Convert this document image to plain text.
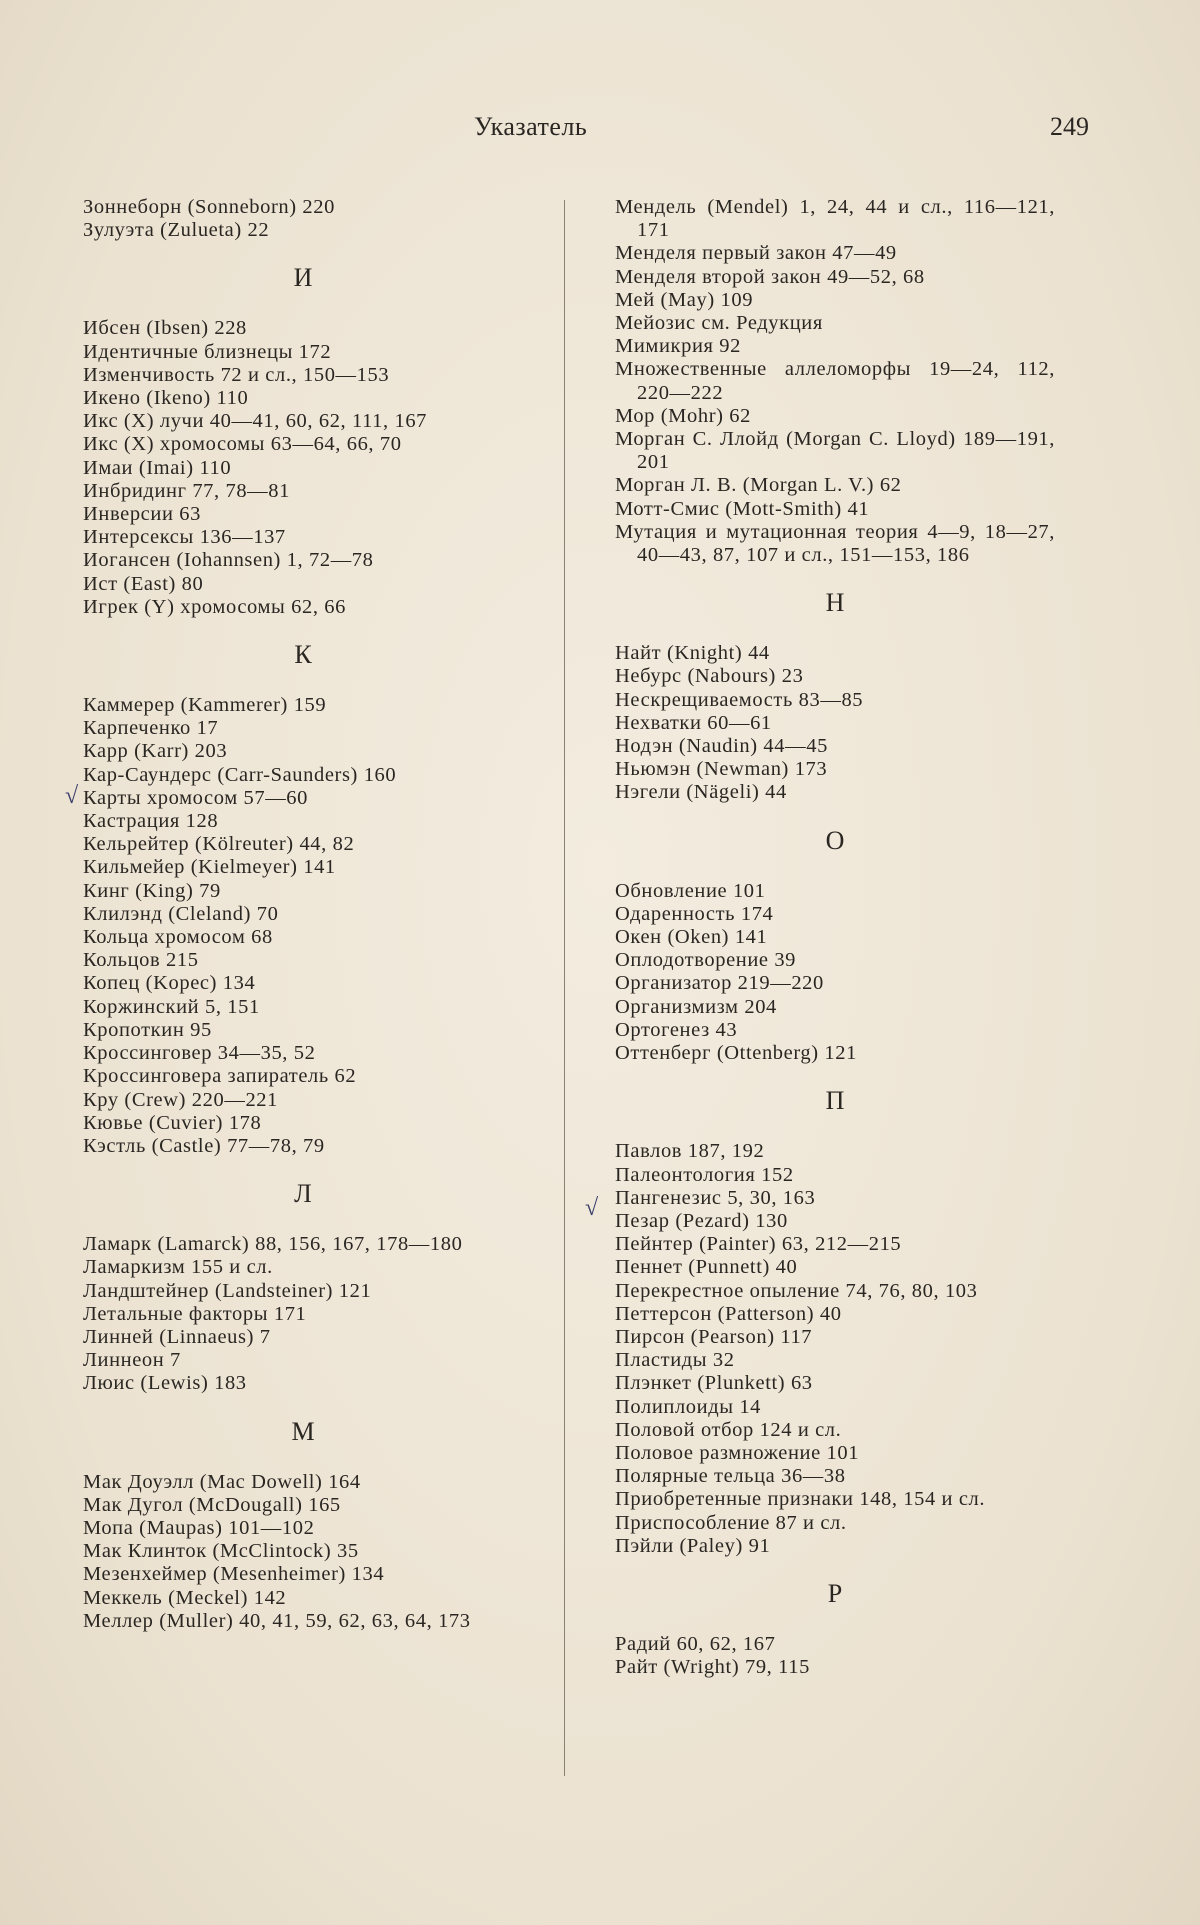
Указатель	249
Зоннеборн (Sonneborn) 220
Зулуэта (Zulueta) 22
И
Ибсен (Ibsen) 228
Идентичные близнецы 172
Изменчивость 72 и сл., 150—153
Икено (Ikeno) 110
Икс (X) лучи 40—41, 60, 62, 111, 167
Икс (X) хромосомы 63—64, 66, 70
Имаи (Imai) 110
Инбридинг 77, 78—81
Инверсии 63
Интерсексы 136—137
Иогансен (Iohannsen) 1, 72—78
Ист (East) 80
Игрек (Y) хромосомы 62, 66
К
Каммерер (Kammerer) 159
Карпеченко 17
Карр (Karr) 203
Кар-Саундерс (Carr-Saunders) 160
Карты хромосом 57—60
Кастрация 128
Кельрейтер (Kölreuter) 44, 82
Кильмейер (Kielmeyer) 141
Кинг (King) 79
Клилэнд (Cleland) 70
Кольца хромосом 68
Кольцов 215
Копец (Kopec) 134
Коржинский 5, 151
Кропоткин 95
Кроссинговер 34—35, 52
Кроссинговера запиратель 62
Кру (Crew) 220—221
Кювье (Cuvier) 178
Кэстль (Castle) 77—78, 79
Л
Ламарк (Lamarck) 88, 156, 167, 178—180
Ламаркизм 155 и сл.
Ландштейнер (Landsteiner) 121
Летальные факторы 171
Линней (Linnaeus) 7
Линнеон 7
Люис (Lewis) 183
М
Мак Доуэлл (Mac Dowell) 164
Мак Дугол (McDougall) 165
Мопа (Maupas) 101—102
Мак Клинток (McClintock) 35
Мезенхеймер (Mesenheimer) 134
Меккель (Meckel) 142
Меллер (Muller) 40, 41, 59, 62, 63, 64, 173
Мендель (Mendel) 1, 24, 44 и сл., 116—121, 171
Менделя первый закон 47—49
Менделя второй закон 49—52, 68
Мей (May) 109
Мейозис см. Редукция
Мимикрия 92
Множественные аллеломорфы 19—24, 112, 220—222
Мор (Mohr) 62
Морган С. Ллойд (Morgan C. Lloyd) 189—191, 201
Морган Л. В. (Morgan L. V.) 62
Мотт-Смис (Mott-Smith) 41
Мутация и мутационная теория 4—9, 18—27, 40—43, 87, 107 и сл., 151—153, 186
Н
Найт (Knight) 44
Небурс (Nabours) 23
Нескрещиваемость 83—85
Нехватки 60—61
Нодэн (Naudin) 44—45
Ньюмэн (Newman) 173
Нэгели (Nägeli) 44
О
Обновление 101
Одаренность 174
Окен (Oken) 141
Оплодотворение 39
Организатор 219—220
Организмизм 204
Ортогенез 43
Оттенберг (Ottenberg) 121
П
Павлов 187, 192
Палеонтология 152
Пангенезис 5, 30, 163
Пезар (Pezard) 130
Пейнтер (Painter) 63, 212—215
Пеннет (Punnett) 40
Перекрестное опыление 74, 76, 80, 103
Петтерсон (Patterson) 40
Пирсон (Pearson) 117
Пластиды 32
Плэнкет (Plunkett) 63
Полиплоиды 14
Половой отбор 124 и сл.
Половое размножение 101
Полярные тельца 36—38
Приобретенные признаки 148, 154 и сл.
Приспособление 87 и сл.
Пэйли (Paley) 91
Р
Радий 60, 62, 167
Райт (Wright) 79, 115
√
√
